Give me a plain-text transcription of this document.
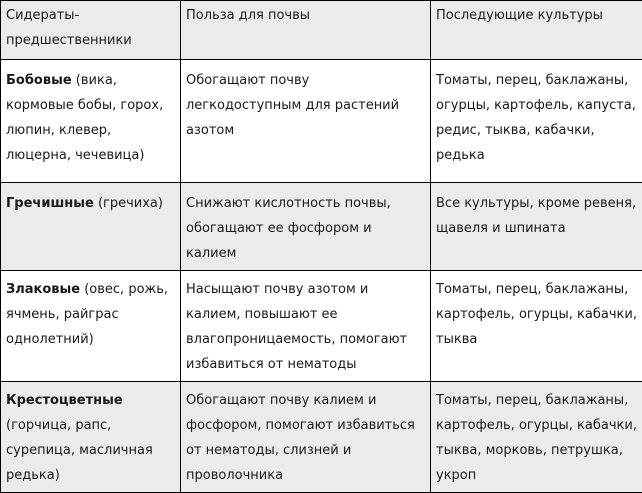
Сидераты-предшественники	Польза для почвы	Последующие культуры
Бобовые (вика, кормовые бобы, горох, люпин, клевер, люцерна, чечевица)	Обогащают почву легкодоступным для растений азотом	Томаты, перец, баклажаны, огурцы, картофель, капуста, редис, тыква, кабачки, редька
Гречишные (гречиха)	Снижают кислотность почвы, обогащают ее фосфором и калием	Все культуры, кроме ревеня, щавеля и шпината
Злаковые (овес, рожь, ячмень, райграс однолетний)	Насыщают почву азотом и калием, повышают ее влагопроницаемость, помогают избавиться от нематоды	Томаты, перец, баклажаны, картофель, огурцы, кабачки, тыква
Крестоцветные (горчица, рапс, сурепица, масличная редька)	Обогащают почву калием и фосфором, помогают избавиться от нематоды, слизней и проволочника	Томаты, перец, баклажаны, картофель, огурцы, кабачки, тыква, морковь, петрушка, укроп
